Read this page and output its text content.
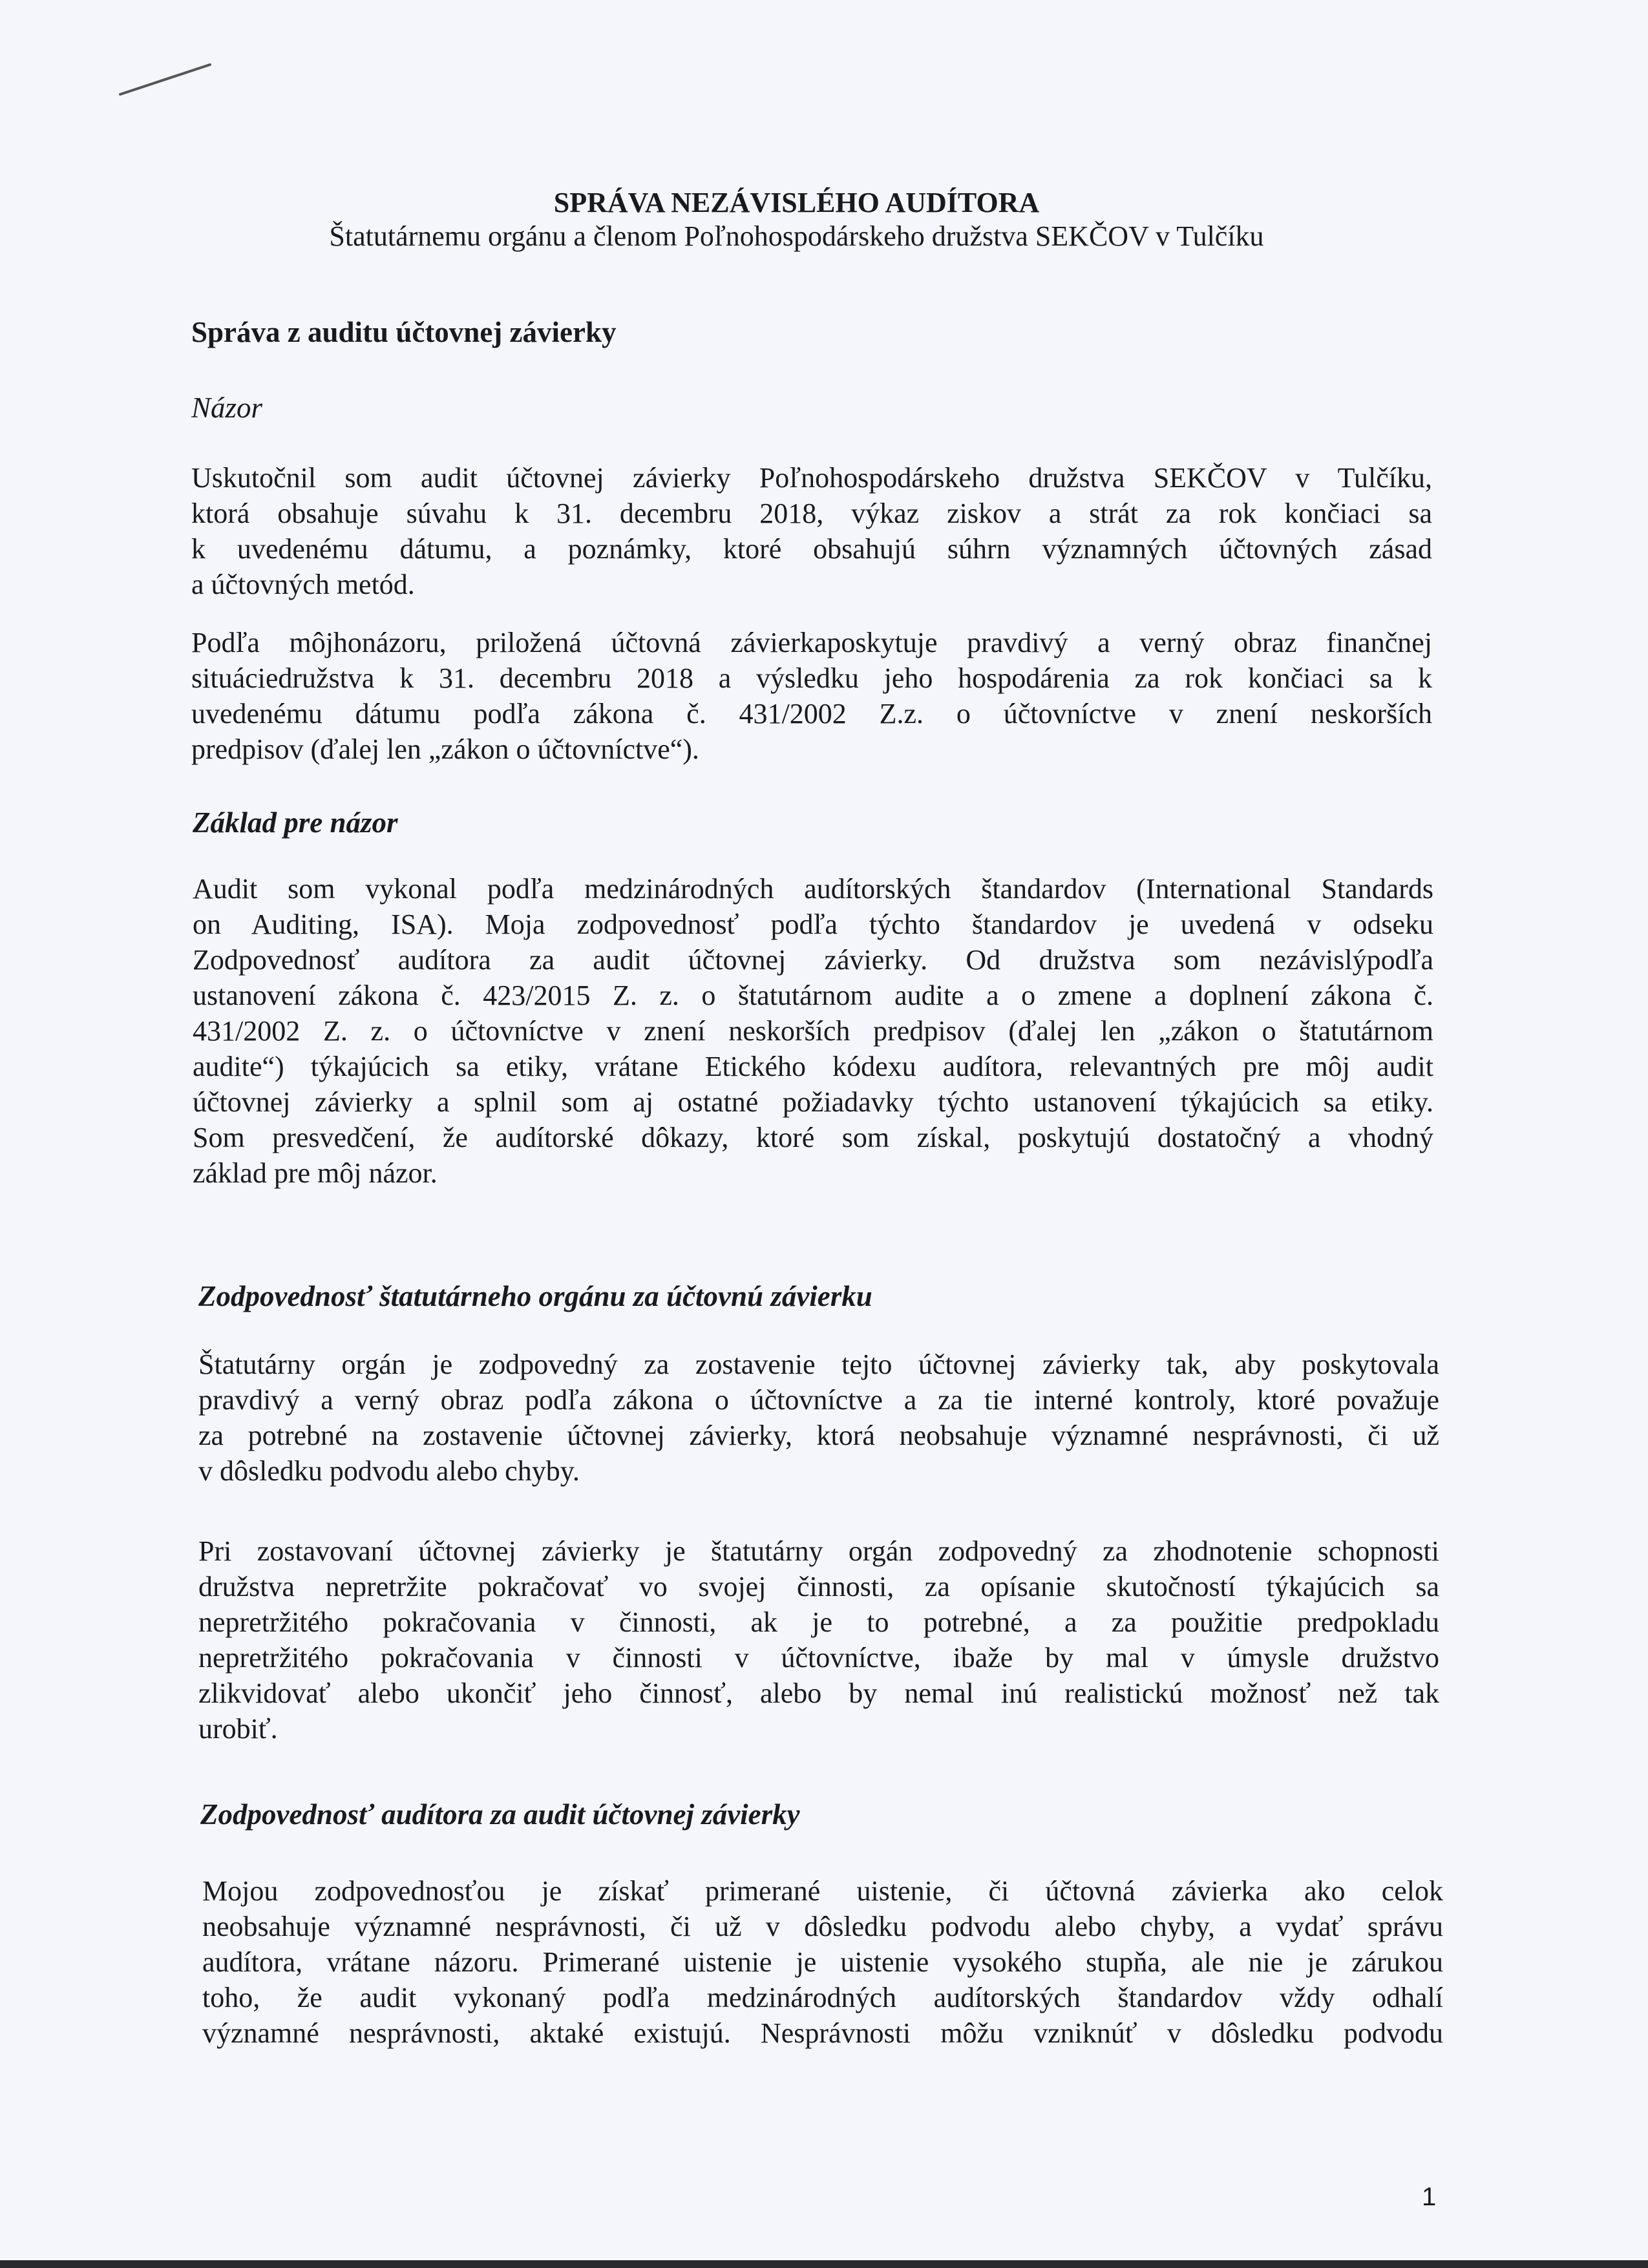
SPRÁVA NEZÁVISLÉHO AUDÍTORA
Štatutárnemu orgánu a členom Poľnohospodárskeho družstva SEKČOV v Tulčíku
Správa z auditu účtovnej závierky
Názor
Uskutočnil som audit účtovnej závierky Poľnohospodárskeho družstva SEKČOV v Tulčíku,
ktorá obsahuje súvahu k 31. decembru 2018, výkaz ziskov a strát za rok končiaci sa
k uvedenému dátumu, a poznámky, ktoré obsahujú súhrn významných účtovných zásad
a účtovných metód.
Podľa môjhonázoru, priložená účtovná závierkaposkytuje pravdivý a verný obraz finančnej
situáciedružstva k 31. decembru 2018 a výsledku jeho hospodárenia za rok končiaci sa k
uvedenému dátumu podľa zákona č. 431/2002 Z.z. o účtovníctve v znení neskorších
predpisov (ďalej len „zákon o účtovníctve“).
Základ pre názor
Audit som vykonal podľa medzinárodných audítorských štandardov (International Standards
on Auditing, ISA). Moja zodpovednosť podľa týchto štandardov je uvedená v odseku
Zodpovednosť audítora za audit účtovnej závierky. Od družstva som nezávislýpodľa
ustanovení zákona č. 423/2015 Z. z. o štatutárnom audite a o zmene a doplnení zákona č.
431/2002 Z. z. o účtovníctve v znení neskorších predpisov (ďalej len „zákon o štatutárnom
audite“) týkajúcich sa etiky, vrátane Etického kódexu audítora, relevantných pre môj audit
účtovnej závierky a splnil som aj ostatné požiadavky týchto ustanovení týkajúcich sa etiky.
Som presvedčení, že audítorské dôkazy, ktoré som získal, poskytujú dostatočný a vhodný
základ pre môj názor.
Zodpovednosť štatutárneho orgánu za účtovnú závierku
Štatutárny orgán je zodpovedný za zostavenie tejto účtovnej závierky tak, aby poskytovala
pravdivý a verný obraz podľa zákona o účtovníctve a za tie interné kontroly, ktoré považuje
za potrebné na zostavenie účtovnej závierky, ktorá neobsahuje významné nesprávnosti, či už
v dôsledku podvodu alebo chyby.
Pri zostavovaní účtovnej závierky je štatutárny orgán zodpovedný za zhodnotenie schopnosti
družstva nepretržite pokračovať vo svojej činnosti, za opísanie skutočností týkajúcich sa
nepretržitého pokračovania v činnosti, ak je to potrebné, a za použitie predpokladu
nepretržitého pokračovania v činnosti v účtovníctve, ibaže by mal v úmysle družstvo
zlikvidovať alebo ukončiť jeho činnosť, alebo by nemal inú realistickú možnosť než tak
urobiť.
Zodpovednosť audítora za audit účtovnej závierky
Mojou zodpovednosťou je získať primerané uistenie, či účtovná závierka ako celok
neobsahuje významné nesprávnosti, či už v dôsledku podvodu alebo chyby, a vydať správu
audítora, vrátane názoru. Primerané uistenie je uistenie vysokého stupňa, ale nie je zárukou
toho, že audit vykonaný podľa medzinárodných audítorských štandardov vždy odhalí
významné nesprávnosti, aktaké existujú. Nesprávnosti môžu vzniknúť v dôsledku podvodu
1
